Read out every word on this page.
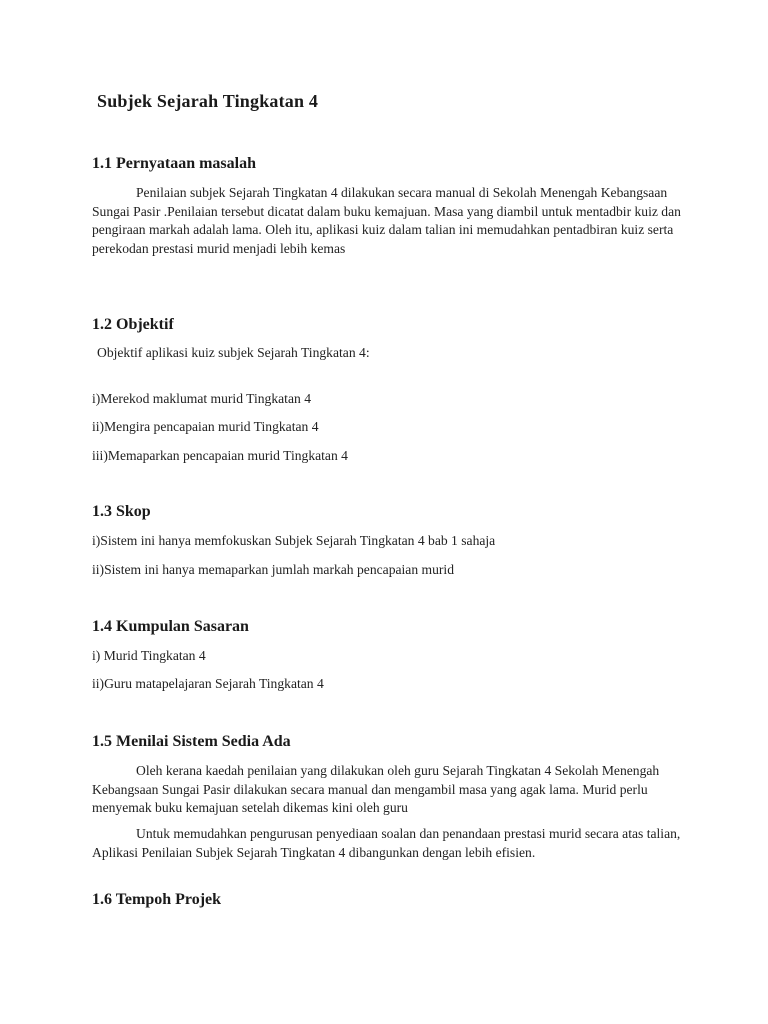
Subjek Sejarah Tingkatan 4
1.1 Pernyataan masalah
Penilaian subjek Sejarah Tingkatan 4 dilakukan secara manual di Sekolah Menengah Kebangsaan Sungai Pasir .Penilaian tersebut dicatat dalam buku kemajuan. Masa yang diambil untuk mentadbir kuiz dan pengiraan markah adalah lama. Oleh itu, aplikasi kuiz dalam talian ini memudahkan pentadbiran kuiz serta perekodan prestasi murid menjadi lebih kemas
1.2 Objektif
Objektif aplikasi kuiz subjek Sejarah Tingkatan 4:
i)Merekod maklumat murid Tingkatan 4
ii)Mengira pencapaian murid Tingkatan 4
iii)Memaparkan pencapaian murid Tingkatan 4
1.3 Skop
i)Sistem ini hanya memfokuskan Subjek Sejarah Tingkatan 4 bab 1 sahaja
ii)Sistem ini hanya memaparkan jumlah markah pencapaian murid
1.4 Kumpulan Sasaran
i) Murid Tingkatan 4
ii)Guru matapelajaran Sejarah Tingkatan 4
1.5 Menilai Sistem Sedia Ada
Oleh kerana kaedah penilaian yang dilakukan oleh guru Sejarah Tingkatan 4 Sekolah Menengah Kebangsaan Sungai Pasir dilakukan secara manual dan mengambil masa yang agak lama. Murid perlu menyemak buku kemajuan setelah dikemas kini oleh guru
Untuk memudahkan pengurusan penyediaan soalan dan penandaan prestasi murid secara atas talian, Aplikasi Penilaian Subjek Sejarah Tingkatan 4 dibangunkan dengan lebih efisien.
1.6 Tempoh Projek
